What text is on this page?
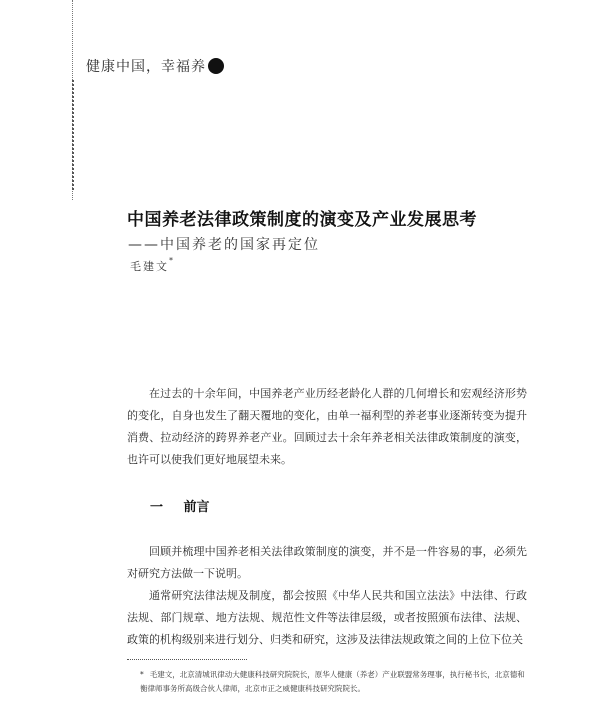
健康中国，幸福养
中国养老法律政策制度的演变及产业发展思考
——中国养老的国家再定位
毛建文*

在过去的十余年间，中国养老产业历经老龄化人群的几何增长和宏观经济形势的变化，自身也发生了翻天覆地的变化，由单一福利型的养老事业逐渐转变为提升消费、拉动经济的跨界养老产业。回顾过去十余年养老相关法律政策制度的演变，也许可以使我们更好地展望未来。

一 前言

回顾并梳理中国养老相关法律政策制度的演变，并不是一件容易的事，必须先对研究方法做一下说明。

通常研究法律法规及制度，都会按照《中华人民共和国立法法》中法律、行政法规、部门规章、地方法规、规范性文件等法律层级，或者按照颁布法律、法规、政策的机构级别来进行划分、归类和研究，这涉及法律法规政策之间的上位下位关

* 毛建文，北京清城讯律动大健康科技研究院院长，原华人健康（养老）产业联盟常务理事，执行秘书长，北京德和衡律师事务所高级合伙人律师，北京市正之威健康科技研究院院长。
